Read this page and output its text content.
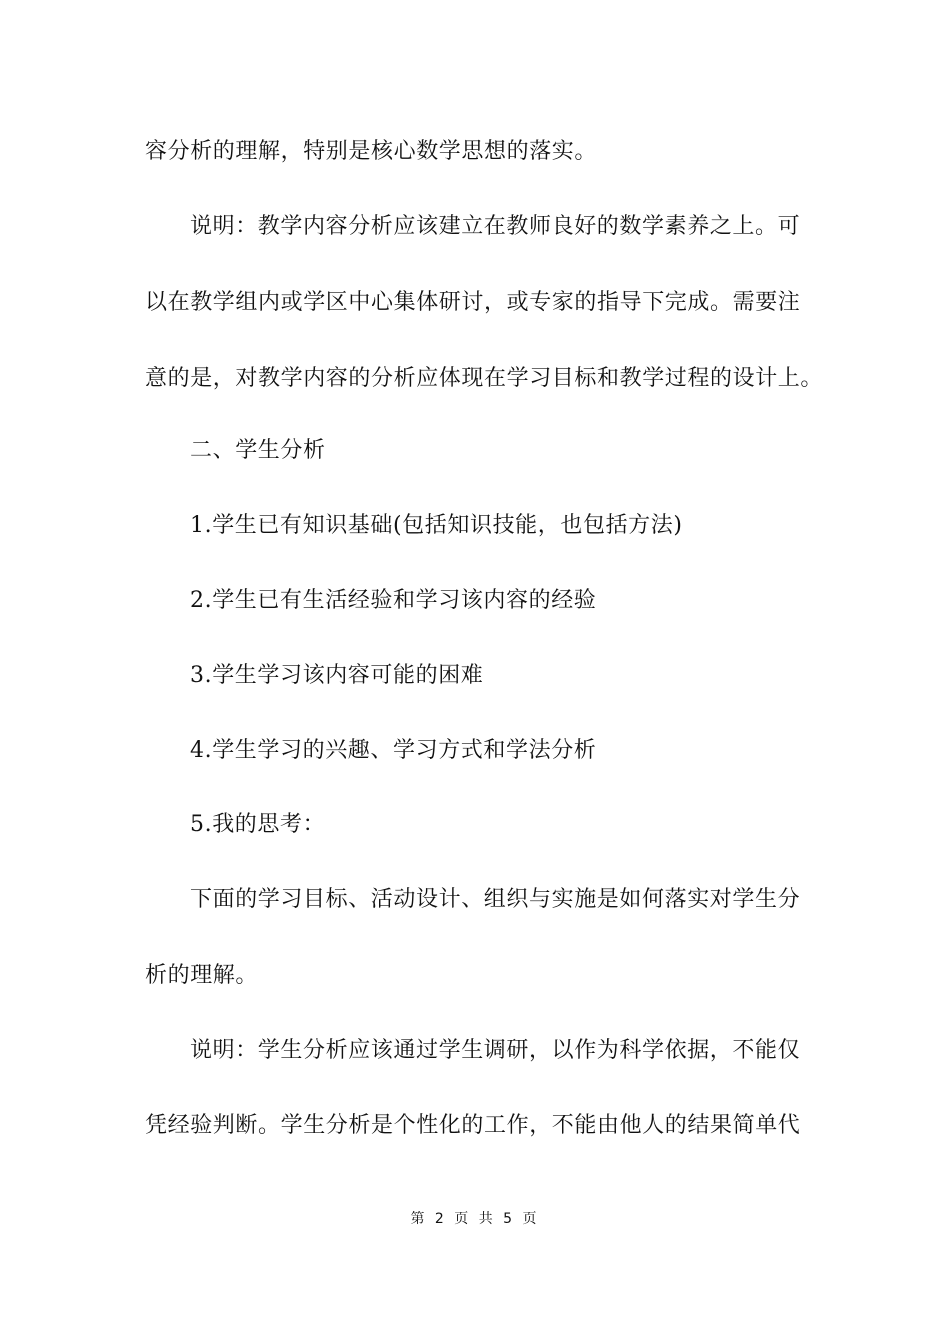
容分析的理解，特别是核心数学思想的落实。
说明：教学内容分析应该建立在教师良好的数学素养之上。可
以在教学组内或学区中心集体研讨，或专家的指导下完成。需要注
意的是，对教学内容的分析应体现在学习目标和教学过程的设计上。
二、学生分析
1.学生已有知识基础(包括知识技能，也包括方法)
2.学生已有生活经验和学习该内容的经验
3.学生学习该内容可能的困难
4.学生学习的兴趣、学习方式和学法分析
5.我的思考：
下面的学习目标、活动设计、组织与实施是如何落实对学生分
析的理解。
说明：学生分析应该通过学生调研，以作为科学依据，不能仅
凭经验判断。学生分析是个性化的工作，不能由他人的结果简单代
第 2 页 共 5 页
